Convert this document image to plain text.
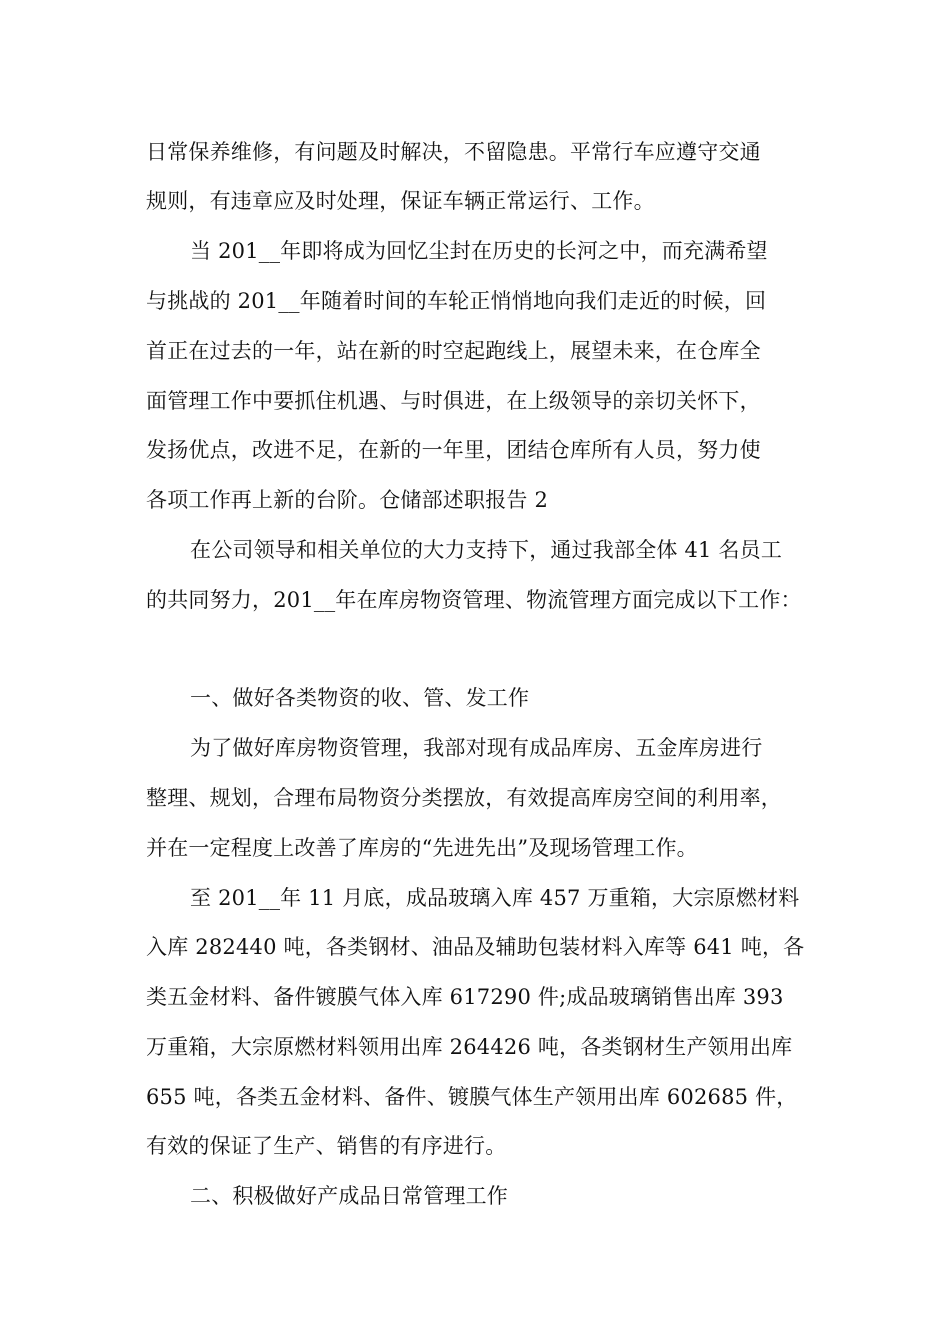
日常保养维修，有问题及时解决，不留隐患。平常行车应遵守交通
规则，有违章应及时处理，保证车辆正常运行、工作。
当 201__年即将成为回忆尘封在历史的长河之中，而充满希望
与挑战的 201__年随着时间的车轮正悄悄地向我们走近的时候，回
首正在过去的一年，站在新的时空起跑线上，展望未来，在仓库全
面管理工作中要抓住机遇、与时俱进，在上级领导的亲切关怀下，
发扬优点，改进不足，在新的一年里，团结仓库所有人员，努力使
各项工作再上新的台阶。仓储部述职报告 2
在公司领导和相关单位的大力支持下，通过我部全体 41 名员工
的共同努力，201__年在库房物资管理、物流管理方面完成以下工作：
一、做好各类物资的收、管、发工作
为了做好库房物资管理，我部对现有成品库房、五金库房进行
整理、规划，合理布局物资分类摆放，有效提高库房空间的利用率，
并在一定程度上改善了库房的“先进先出”及现场管理工作。
至 201__年 11 月底，成品玻璃入库 457 万重箱，大宗原燃材料
入库 282440 吨，各类钢材、油品及辅助包装材料入库等 641 吨，各
类五金材料、备件镀膜气体入库 617290 件;成品玻璃销售出库 393
万重箱，大宗原燃材料领用出库 264426 吨，各类钢材生产领用出库
655 吨，各类五金材料、备件、镀膜气体生产领用出库 602685 件，
有效的保证了生产、销售的有序进行。
二、积极做好产成品日常管理工作
